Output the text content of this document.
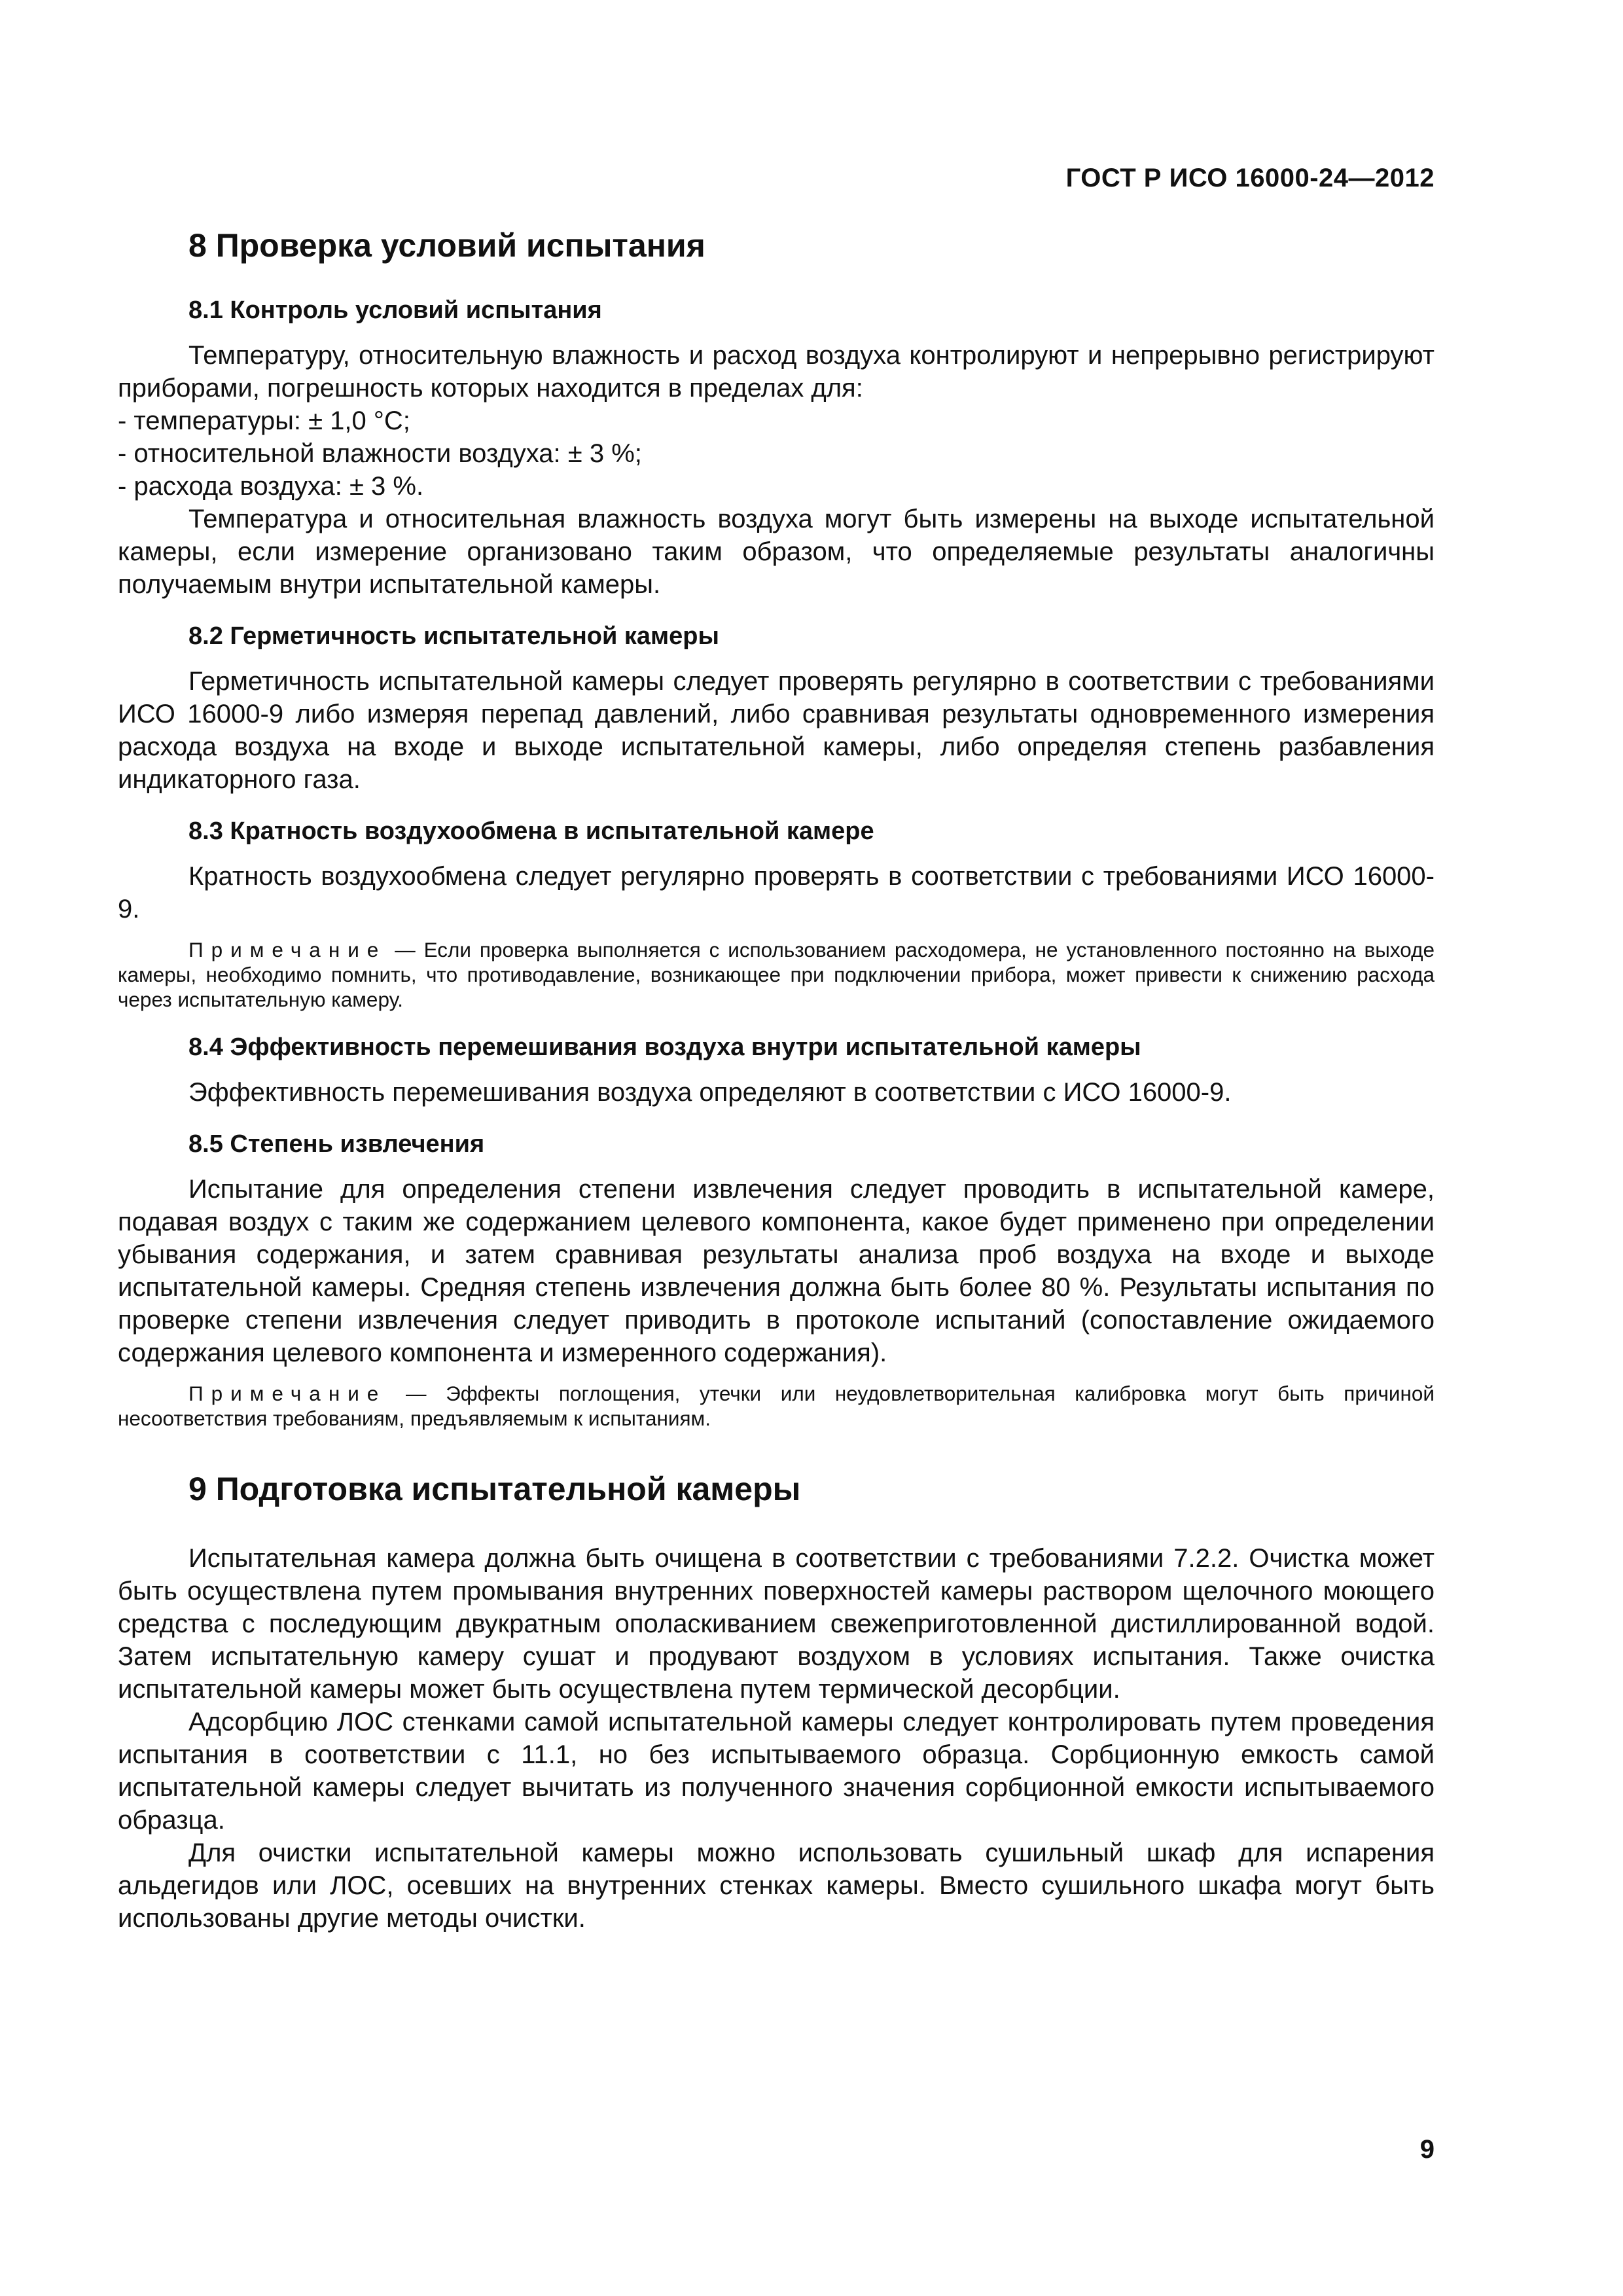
ГОСТ Р ИСО 16000-24—2012
8 Проверка условий испытания
8.1 Контроль условий испытания

Температуру, относительную влажность и расход воздуха контролируют и непрерывно регистрируют приборами, погрешность которых находится в пределах для:

- температуры: ± 1,0 °C;

- относительной влажности воздуха: ± 3 %;

- расхода воздуха: ± 3 %.

Температура и относительная влажность воздуха могут быть измерены на выходе испытательной камеры, если измерение организовано таким образом, что определяемые результаты аналогичны получаемым внутри испытательной камеры.

8.2 Герметичность испытательной камеры

Герметичность испытательной камеры следует проверять регулярно в соответствии с требованиями ИСО 16000-9 либо измеряя перепад давлений, либо сравнивая результаты одновременного измерения расхода воздуха на входе и выходе испытательной камеры, либо определяя степень разбавления индикаторного газа.

8.3 Кратность воздухообмена в испытательной камере

Кратность воздухообмена следует регулярно проверять в соответствии с требованиями ИСО 16000-9.

Примечание — Если проверка выполняется с использованием расходомера, не установленного постоянно на выходе камеры, необходимо помнить, что противодавление, возникающее при подключении прибора, может привести к снижению расхода через испытательную камеру.
8.4 Эффективность перемешивания воздуха внутри испытательной камеры

Эффективность перемешивания воздуха определяют в соответствии с ИСО 16000-9.

8.5 Степень извлечения

Испытание для определения степени извлечения следует проводить в испытательной камере, подавая воздух с таким же содержанием целевого компонента, какое будет применено при определении убывания содержания, и затем сравнивая результаты анализа проб воздуха на входе и выходе испытательной камеры. Средняя степень извлечения должна быть более 80 %. Результаты испытания по проверке степени извлечения следует приводить в протоколе испытаний (сопоставление ожидаемого содержания целевого компонента и измеренного содержания).

Примечание — Эффекты поглощения, утечки или неудовлетворительная калибровка могут быть причиной несоответствия требованиям, предъявляемым к испытаниям.
9 Подготовка испытательной камеры

Испытательная камера должна быть очищена в соответствии с требованиями 7.2.2. Очистка может быть осуществлена путем промывания внутренних поверхностей камеры раствором щелочного моющего средства с последующим двукратным ополаскиванием свежеприготовленной дистиллированной водой. Затем испытательную камеру сушат и продувают воздухом в условиях испытания. Также очистка испытательной камеры может быть осуществлена путем термической десорбции.

Адсорбцию ЛОС стенками самой испытательной камеры следует контролировать путем проведения испытания в соответствии с 11.1, но без испытываемого образца. Сорбционную емкость самой испытательной камеры следует вычитать из полученного значения сорбционной емкости испытываемого образца.

Для очистки испытательной камеры можно использовать сушильный шкаф для испарения альдегидов или ЛОС, осевших на внутренних стенках камеры. Вместо сушильного шкафа могут быть использованы другие методы очистки.

9
